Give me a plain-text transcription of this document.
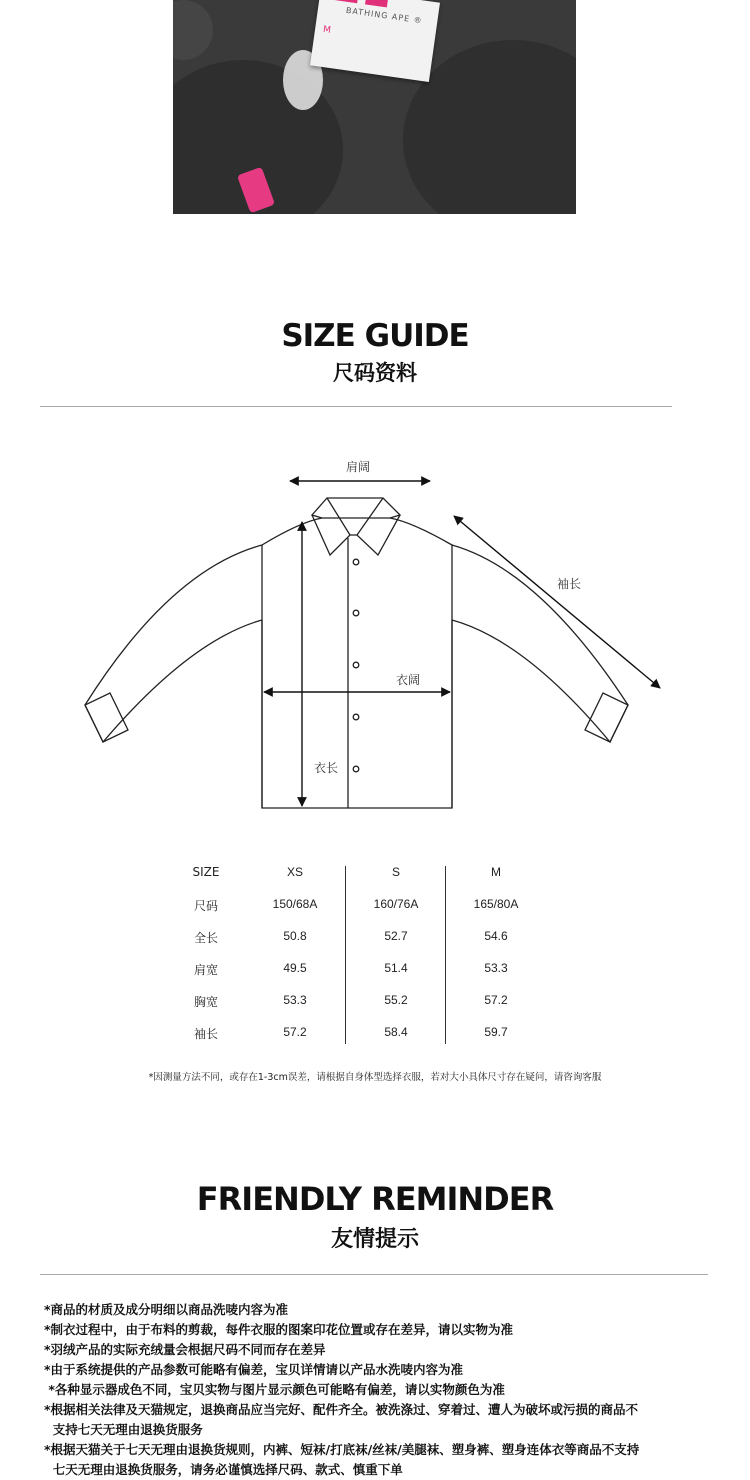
BATHING APE ®
M
SIZE GUIDE
尺码资料
肩阔
袖长
衣阔
衣长
SIZE
尺码
全长
肩宽
胸宽
袖长
XS
150/68A
50.8
49.5
53.3
57.2
S
160/76A
52.7
51.4
55.2
58.4
M
165/80A
54.6
53.3
57.2
59.7
*因测量方法不同，或存在1-3cm误差，请根据自身体型选择衣服，若对大小具体尺寸存在疑问，请咨询客服
FRIENDLY REMINDER
友情提示
*商品的材质及成分明细以商品洗唛内容为准
*制衣过程中，由于布料的剪裁，每件衣服的图案印花位置或存在差异，请以实物为准
*羽绒产品的实际充绒量会根据尺码不同而存在差异
*由于系统提供的产品参数可能略有偏差，宝贝详情请以产品水洗唛内容为准
*各种显示器成色不同，宝贝实物与图片显示颜色可能略有偏差，请以实物颜色为准
*根据相关法律及天猫规定，退换商品应当完好、配件齐全。被洗涤过、穿着过、遭人为破坏或污损的商品不
支持七天无理由退换货服务
*根据天猫关于七天无理由退换货规则，内裤、短袜/打底袜/丝袜/美腿袜、塑身裤、塑身连体衣等商品不支持
七天无理由退换货服务，请务必谨慎选择尺码、款式、慎重下单
